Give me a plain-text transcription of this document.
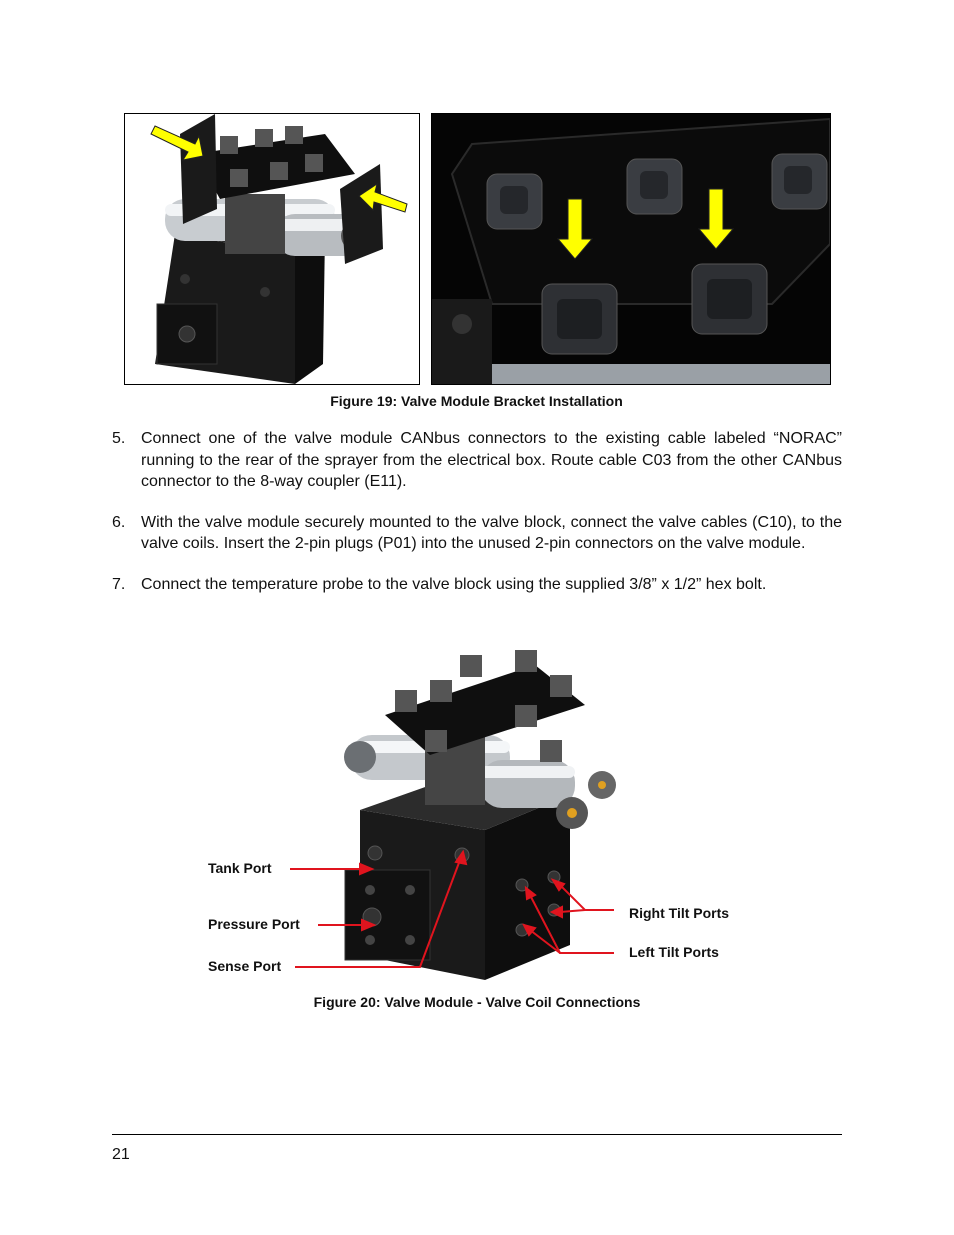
Figure 19: Valve Module Bracket Installation
5. Connect one of the valve module CANbus connectors to the existing cable labeled “NORAC” running to the rear of the sprayer from the electrical box. Route cable C03 from the other CANbus connector to the 8-way coupler (E11).
6. With the valve module securely mounted to the valve block, connect the valve cables (C10), to the valve coils. Insert the 2-pin plugs (P01) into the unused 2-pin connectors on the valve module.
7. Connect the temperature probe to the valve block using the supplied 3/8” x 1/2” hex bolt.
Tank Port
Pressure Port
Sense Port
Right Tilt Ports
Left Tilt Ports
Figure 20: Valve Module - Valve Coil Connections
21
